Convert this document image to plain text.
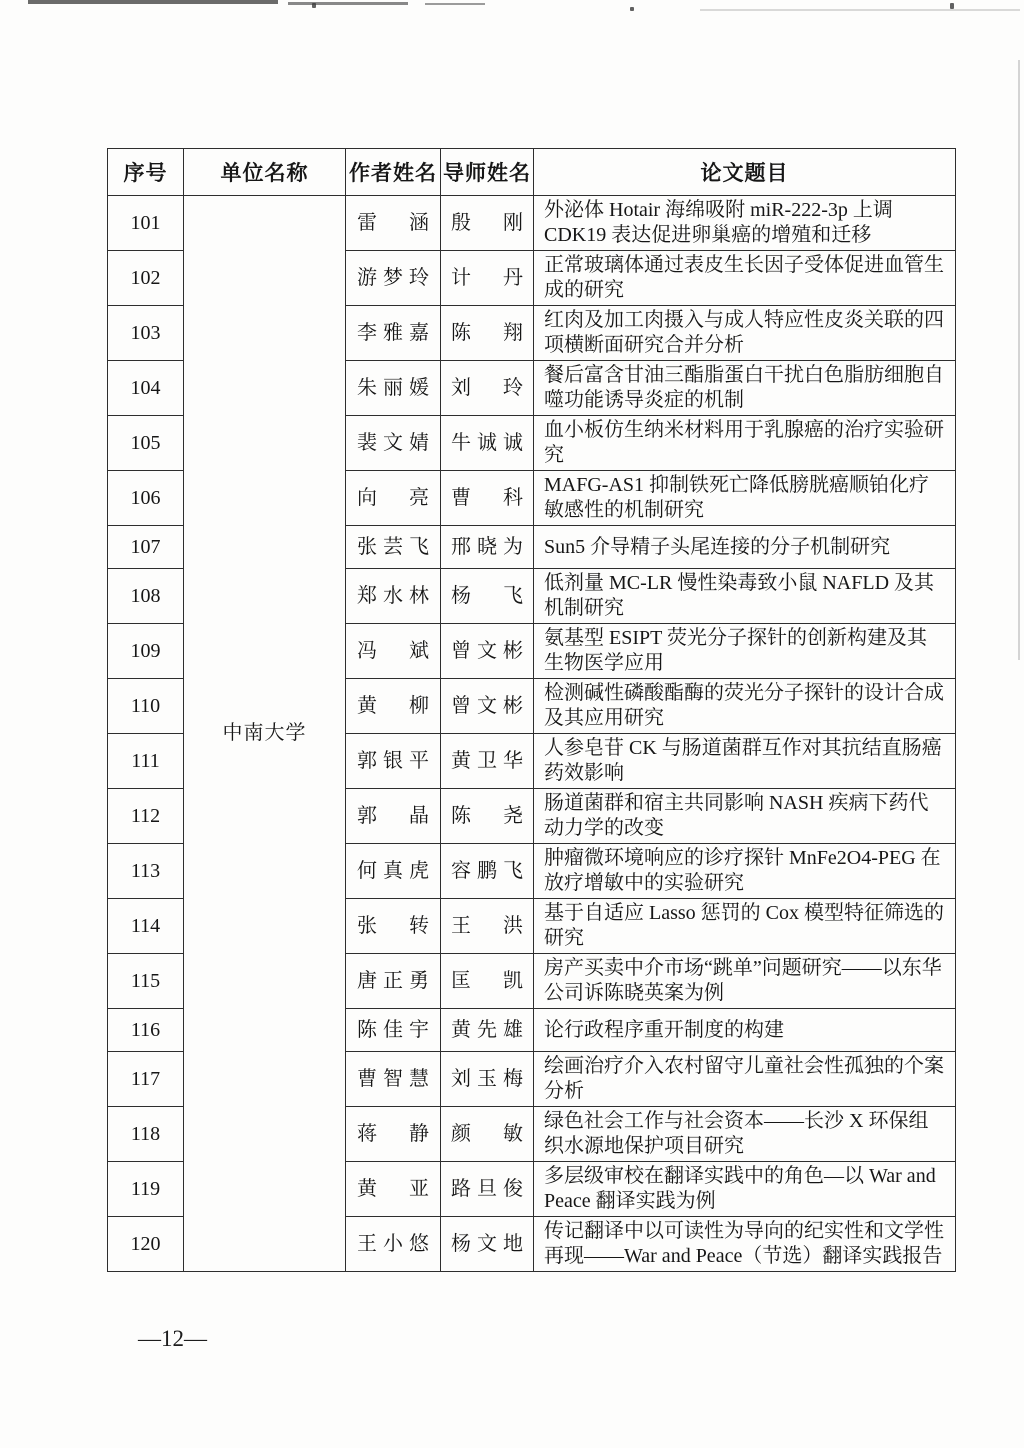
序号	单位名称	作者姓名	导师姓名	论文题目
101	中南大学	雷涵	殷刚	外泌体 Hotair 海绵吸附 miR-222-3p 上调 CDK19 表达促进卵巢癌的增殖和迁移
102		游梦玲	计丹	正常玻璃体通过表皮生长因子受体促进血管生成的研究
103		李雅嘉	陈翔	红肉及加工肉摄入与成人特应性皮炎关联的四项横断面研究合并分析
104		朱丽媛	刘玲	餐后富含甘油三酯脂蛋白干扰白色脂肪细胞自噬功能诱导炎症的机制
105		裴文婧	牛诚诚	血小板仿生纳米材料用于乳腺癌的治疗实验研究
106		向亮	曹科	MAFG-AS1 抑制铁死亡降低膀胱癌顺铂化疗敏感性的机制研究
107		张芸飞	邢晓为	Sun5 介导精子头尾连接的分子机制研究
108		郑水林	杨飞	低剂量 MC-LR 慢性染毒致小鼠 NAFLD 及其机制研究
109		冯斌	曾文彬	氨基型 ESIPT 荧光分子探针的创新构建及其生物医学应用
110		黄柳	曾文彬	检测碱性磷酸酯酶的荧光分子探针的设计合成及其应用研究
111		郭银平	黄卫华	人参皂苷 CK 与肠道菌群互作对其抗结直肠癌药效影响
112		郭晶	陈尧	肠道菌群和宿主共同影响 NASH 疾病下药代动力学的改变
113		何真虎	容鹏飞	肿瘤微环境响应的诊疗探针 MnFe2O4-PEG 在放疗增敏中的实验研究
114		张转	王洪	基于自适应 Lasso 惩罚的 Cox 模型特征筛选的研究
115		唐正勇	匡凯	房产买卖中介市场“跳单”问题研究——以东华公司诉陈晓英案为例
116		陈佳宇	黄先雄	论行政程序重开制度的构建
117		曹智慧	刘玉梅	绘画治疗介入农村留守儿童社会性孤独的个案分析
118		蒋静	颜敏	绿色社会工作与社会资本——长沙 X 环保组织水源地保护项目研究
119		黄亚	路旦俊	多层级审校在翻译实践中的角色—以 War and Peace 翻译实践为例
120		王小悠	杨文地	传记翻译中以可读性为导向的纪实性和文学性再现——War and Peace（节选）翻译实践报告
—12—
